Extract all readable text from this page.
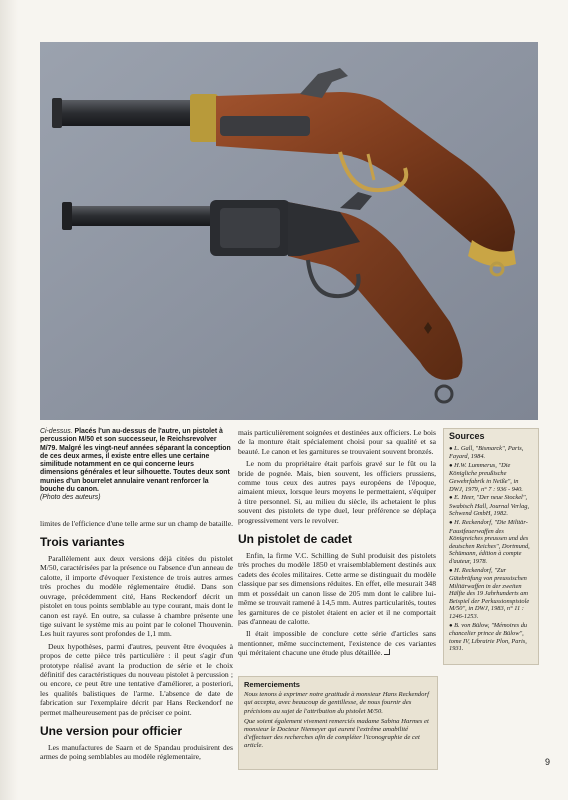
Ci-dessus. Placés l'un au-dessus de l'autre, un pistolet à percussion M/50 et son successeur, le Reichsrevolver M/79. Malgré les vingt-neuf années séparant la conception de ces deux armes, il existe entre elles une certaine similitude notamment en ce qui concerne leurs dimensions générales et leur silhouette. Toutes deux sont munies d'un bourrelet annulaire venant renforcer la bouche du canon.
(Photo des auteurs)

limites de l'efficience d'une telle arme sur un champ de bataille.

Trois variantes

Parallèlement aux deux versions déjà citées du pistolet M/50, caractérisées par la présence ou l'absence d'un anneau de calotte, il importe d'évoquer l'existence de trois autres armes très proches du modèle réglementaire étudié. Dans son ouvrage, précédemment cité, Hans Reckendorf décrit un pistolet en tous points semblable au type courant, mais dont le canon est rayé. En outre, sa culasse à chambre présente une tige suivant le système mis au point par le colonel Thouvenin. Les huit rayures sont profondes de 1,1 mm.

Deux hypothèses, parmi d'autres, peuvent être évoquées à propos de cette pièce très particulière : il peut s'agir d'un prototype réalisé avant la production de série et le choix définitif des caractéristiques du nouveau pistolet à percussion ; ou encore, ce peut être une tentative d'améliorer, a posteriori, les qualités balistiques de l'arme. L'absence de date de fabrication sur l'exemplaire décrit par Hans Reckendorf ne permet malheureusement pas de préciser ce point.

Une version pour officier

Les manufactures de Saarn et de Spandau produisirent des armes de poing semblables au modèle réglementaire,

mais particulièrement soignées et destinées aux officiers. Le bois de la monture était spécialement choisi pour sa qualité et sa beauté. Le canon et les garnitures se trouvaient souvent bronzés.

Le nom du propriétaire était parfois gravé sur le fût ou la bride de pognée. Mais, bien souvent, les officiers prussiens, comme tous ceux des autres pays européens de l'époque, aimaient mieux, lorsque leurs moyens le permettaient, s'équiper à titre personnel. Si, au milieu du siècle, ils achetaient le plus souvent des pistolets de type duel, leur préférence se déplaça progressivement vers le revolver.

Un pistolet de cadet

Enfin, la firme V.C. Schilling de Suhl produisit des pistolets très proches du modèle 1850 et vraisemblablement destinés aux cadets des écoles militaires. Cette arme se distinguait du modèle classique par ses dimensions réduites. En effet, elle mesurait 348 mm et possédait un canon lisse de 205 mm dont le calibre lui-même se trouvait ramené à 14,5 mm. Autres particularités, toutes les garnitures de ce pistolet étaient en acier et il ne comportait pas d'anneau de calotte.

Il était impossible de conclure cette série d'articles sans mentionner, même succinctement, l'existence de ces variantes qui méritaient chacune une étude plus détaillée.

Sources
● L. Gall, "Bismarck", Paris, Fayard, 1984.
● H.W. Lummerus, "Die Königliche preußische Gewehrfabrik in Neiße", in DWJ, 1979, n° 7 : 936 - 940.
● E. Heer, "Der neue Stockel", Swabisch Hall, Journal Verlag, Schwend GmbH, 1982.
● H. Reckendorf, "Die Militär-Faustfeuerwaffen des Königreiches preussen und des deutschen Reiches", Dortmund, Schümann, édition à compte d'auteur, 1978.
● H. Reckendorf, "Zur Gütebrüfung von preussischen Militärwaffen in der zweiten Hälfte des 19 Jahrhunderts am Beispiel der Perkussionspistole M/50", in DWJ, 1983, n° 11 : 1246-1253.
● B. von Bülow, "Mémoires du chancelier prince de Bülow", tome IV, Librairie Plon, Paris, 1931.
Remerciements

Nous tenons à exprimer notre gratitude à monsieur Hans Reckendorf qui accepta, avec beaucoup de gentillesse, de nous fournir des précisions au sujet de l'attribution du pistolet M/50.

Que soient également vivement remerciés madame Sabina Harmes et monsieur le Docteur Niemeyer qui eurent l'extrême amabilité d'effectuer des recherches afin de compléter l'iconographie de cet article.

9
